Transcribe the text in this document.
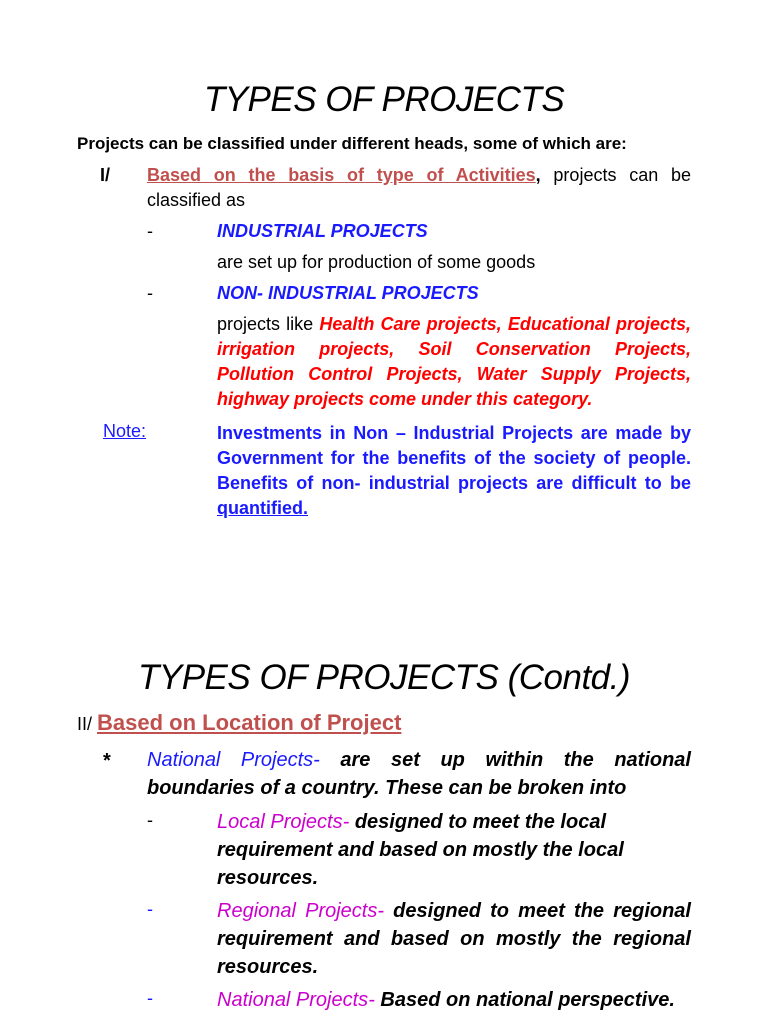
TYPES OF PROJECTS
Projects can be classified under different heads, some of which are:
I/ Based on the basis of type of Activities, projects can be classified as
-	INDUSTRIAL PROJECTS
are set up for production of some goods
-	NON- INDUSTRIAL PROJECTS
projects like Health Care projects, Educational projects, irrigation projects, Soil Conservation Projects, Pollution Control Projects, Water Supply Projects, highway projects come under this category.
Note:	Investments in Non – Industrial Projects are made by Government for the benefits of the society of people. Benefits of non- industrial projects are difficult to be quantified.
TYPES OF PROJECTS (Contd.)
II/ Based on Location of Project
* National Projects- are set up within the national boundaries of a country. These can be broken into
-	Local Projects- designed to meet the local requirement and based on mostly the local resources.
-	Regional Projects- designed to meet the regional requirement and based on mostly the regional resources.
-	National Projects- Based on national perspective.
